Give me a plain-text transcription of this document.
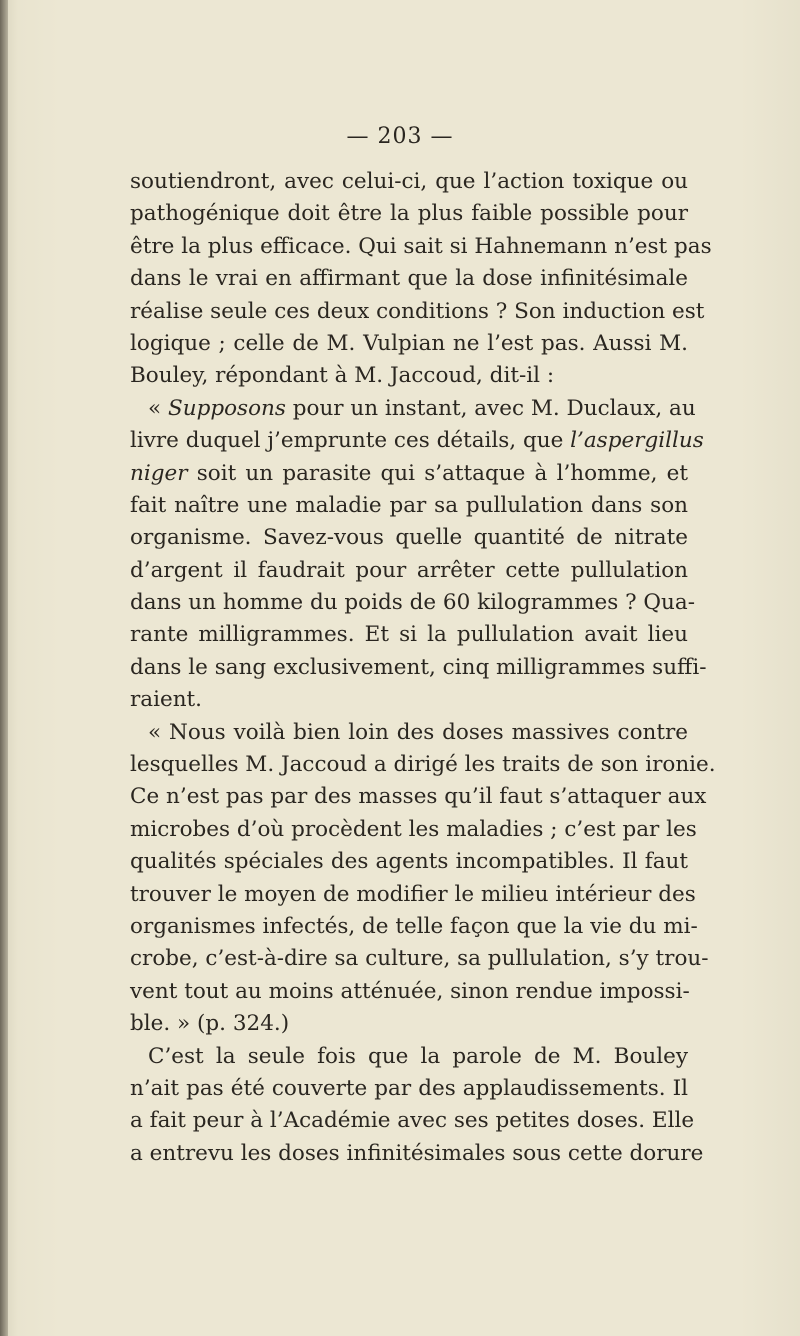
— 203 —
soutiendront, avec celui-ci, que l’action toxique ou
pathogénique doit être la plus faible possible pour
être la plus efficace. Qui sait si Hahnemann n’est pas
dans le vrai en affirmant que la dose infinitésimale
réalise seule ces deux conditions ? Son induction est
logique ; celle de M. Vulpian ne l’est pas. Aussi M.
Bouley, répondant à M. Jaccoud, dit-il :
« Supposons pour un instant, avec M. Duclaux, au
livre duquel j’emprunte ces détails, que l’aspergillus
niger soit un parasite qui s’attaque à l’homme, et
fait naître une maladie par sa pullulation dans son
organisme. Savez-vous quelle quantité de nitrate
d’argent il faudrait pour arrêter cette pullulation
dans un homme du poids de 60 kilogrammes ? Qua-
rante milligrammes. Et si la pullulation avait lieu
dans le sang exclusivement, cinq milligrammes suffi-
raient.
« Nous voilà bien loin des doses massives contre
lesquelles M. Jaccoud a dirigé les traits de son ironie.
Ce n’est pas par des masses qu’il faut s’attaquer aux
microbes d’où procèdent les maladies ; c’est par les
qualités spéciales des agents incompatibles. Il faut
trouver le moyen de modifier le milieu intérieur des
organismes infectés, de telle façon que la vie du mi-
crobe, c’est-à-dire sa culture, sa pullulation, s’y trou-
vent tout au moins atténuée, sinon rendue impossi-
ble. » (p. 324.)
C’est la seule fois que la parole de M. Bouley
n’ait pas été couverte par des applaudissements. Il
a fait peur à l’Académie avec ses petites doses. Elle
a entrevu les doses infinitésimales sous cette dorure
